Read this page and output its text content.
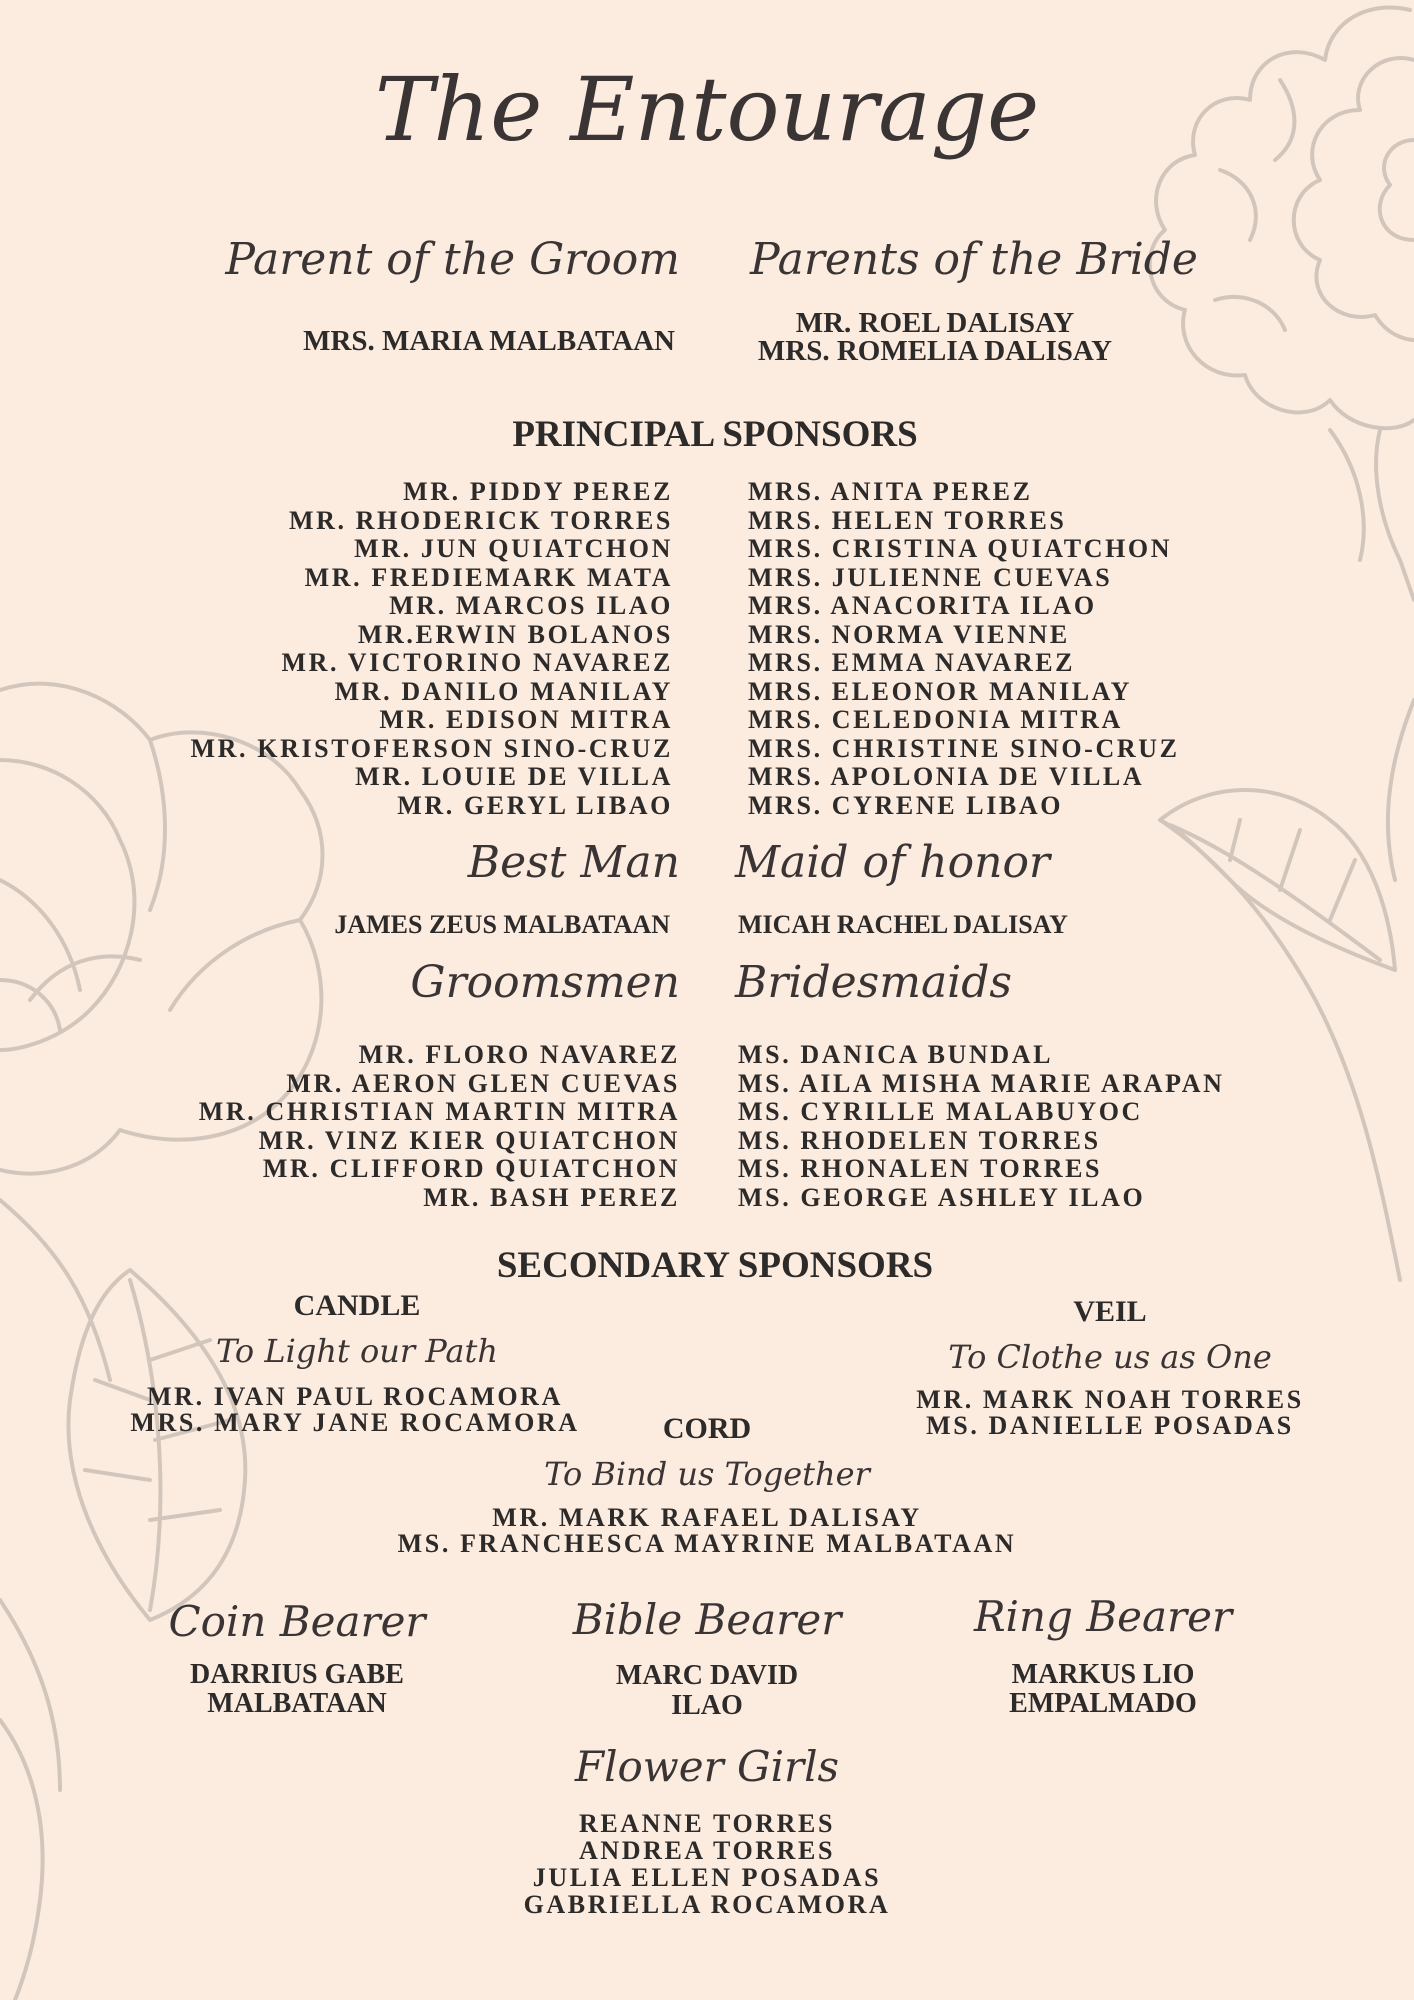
The Entourage
Parent of the Groom Parents of the Bride
MRS. MARIA MALBATAAN
MR. ROEL DALISAY
MRS. ROMELIA DALISAY
PRINCIPAL SPONSORS
MR. PIDDY PEREZ
MR. RHODERICK TORRES
MR. JUN QUIATCHON
MR. FREDIEMARK MATA
MR. MARCOS ILAO
MR.ERWIN BOLANOS
MR. VICTORINO NAVAREZ
MR. DANILO MANILAY
MR. EDISON MITRA
MR. KRISTOFERSON SINO-CRUZ
MR. LOUIE DE VILLA
MR. GERYL LIBAO
MRS. ANITA PEREZ
MRS. HELEN TORRES
MRS. CRISTINA QUIATCHON
MRS. JULIENNE CUEVAS
MRS. ANACORITA ILAO
MRS. NORMA VIENNE
MRS. EMMA NAVAREZ
MRS. ELEONOR MANILAY
MRS. CELEDONIA MITRA
MRS. CHRISTINE SINO-CRUZ
MRS. APOLONIA DE VILLA
MRS. CYRENE LIBAO
Best Man Maid of honor
JAMES ZEUS MALBATAAN	MICAH RACHEL DALISAY
Groomsmen Bridesmaids
MR. FLORO NAVAREZ
MR. AERON GLEN CUEVAS
MR. CHRISTIAN MARTIN MITRA
MR. VINZ KIER QUIATCHON
MR. CLIFFORD QUIATCHON
MR. BASH PEREZ
MS. DANICA BUNDAL
MS. AILA MISHA MARIE ARAPAN
MS. CYRILLE MALABUYOC
MS. RHODELEN TORRES
MS. RHONALEN TORRES
MS. GEORGE ASHLEY ILAO
SECONDARY SPONSORS
CANDLE
To Light our Path
MR. IVAN PAUL ROCAMORA
MRS. MARY JANE ROCAMORA
VEIL
To Clothe us as One
MR. MARK NOAH TORRES
MS. DANIELLE POSADAS
CORD
To Bind us Together
MR. MARK RAFAEL DALISAY
MS. FRANCHESCA MAYRINE MALBATAAN
Coin Bearer
DARRIUS GABE
MALBATAAN
Bible Bearer
MARC DAVID
ILAO
Ring Bearer
MARKUS LIO
EMPALMADO
Flower Girls
REANNE TORRES
ANDREA TORRES
JULIA ELLEN POSADAS
GABRIELLA ROCAMORA
